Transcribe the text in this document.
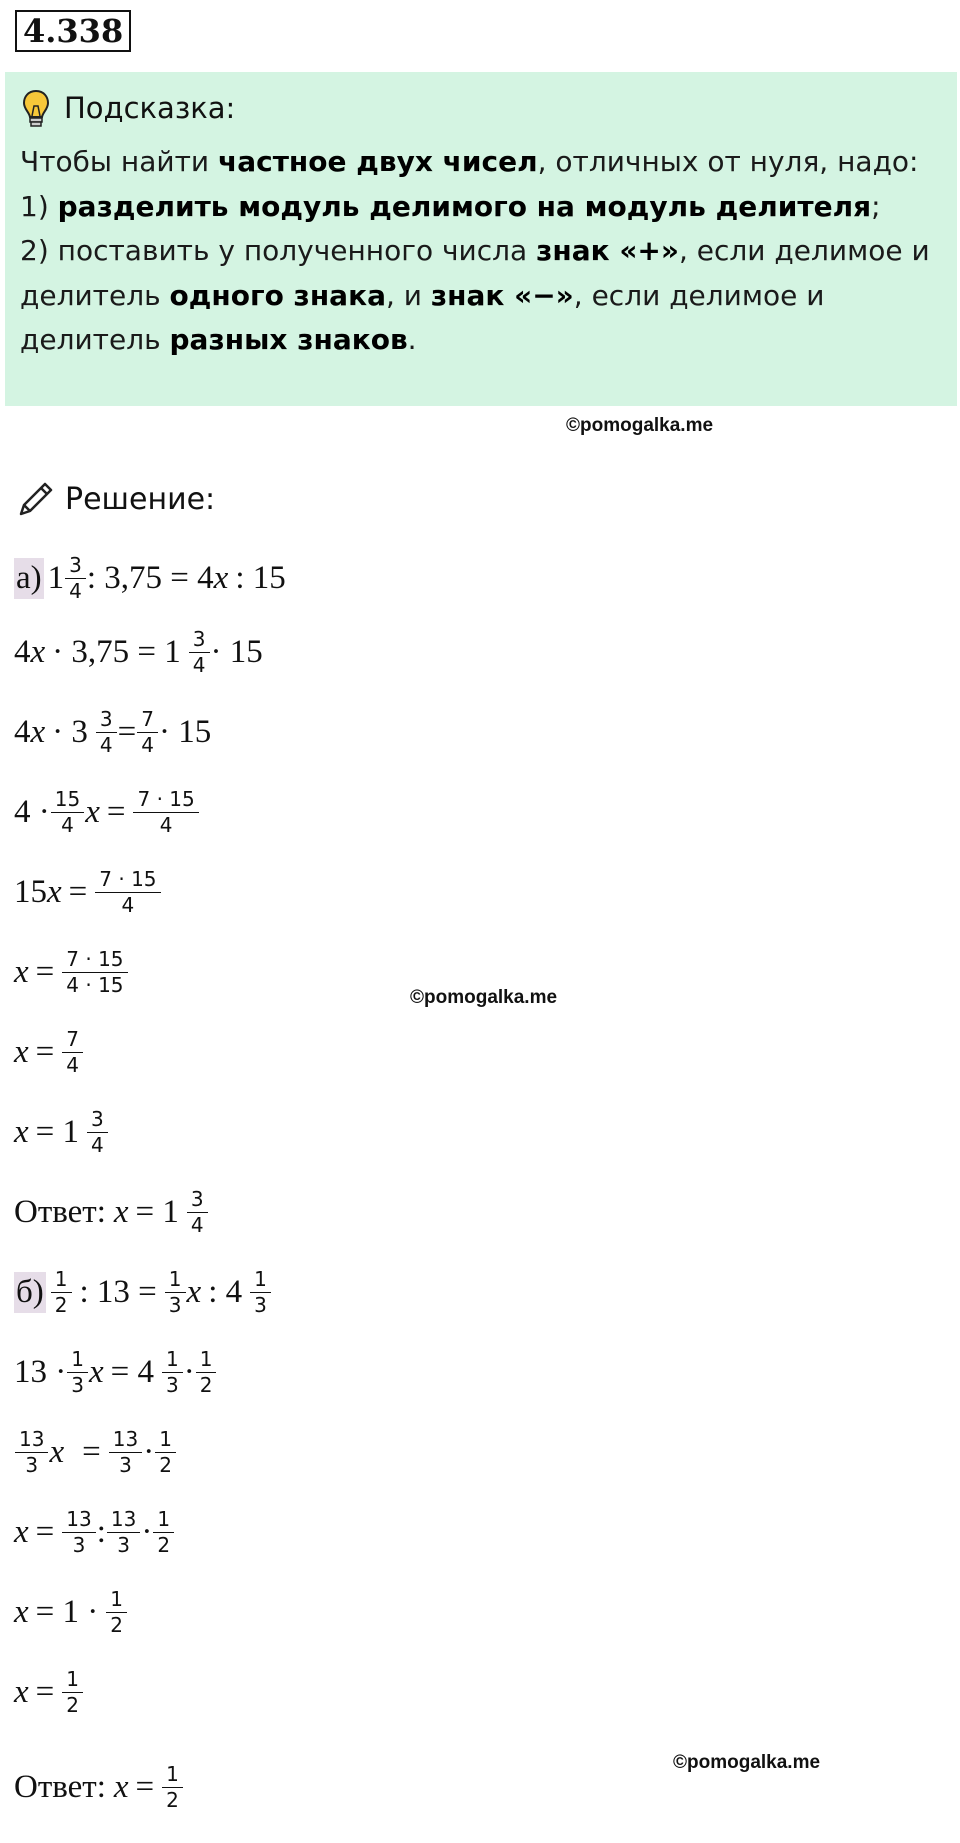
4.338
Подсказка:
Чтобы найти частное двух чисел, отличных от нуля, надо:
1) разделить модуль делимого на модуль делителя;
2) поставить у полученного числа знак «+», если делимое и делитель одного знака, и знак «−», если делимое и делитель разных знаков.
©pomogalka.me
©pomogalka.me
©pomogalka.me
Решение:
а) $1 \frac{3}{4}$ : 3,75 = 4 x : 15
4 $x \cdot 3,75 = 1 \frac{3}{4} \cdot 15$
4 $x \cdot 3 \frac{3}{4} = \frac{7}{4} \cdot 15$
$4 \cdot \frac{15}{4}$ $x = \frac{7 \cdot 15}{4}$
15 $x = \frac{7 \cdot 15}{4}$
$x = \frac{7 \cdot 15}{4 \cdot 15}$
$x = \frac{7}{4}$
$x = 1 \frac{3}{4}$
Ответ: $x = 1 \frac{3}{4}$
$б) \frac{1}{2}$ : $13 = \frac{1}{3}$ x : $4 \frac{1}{3}$
$13 \cdot \frac{1}{3}$ $x = 4 \frac{1}{3} \cdot \frac{1}{2}$
$\frac{13}{3}$ $x = \frac{13}{3} \cdot \frac{1}{2}$
$x = \frac{13}{3}$ : $\frac{13}{3} \cdot \frac{1}{2}$
$x = 1 \cdot \frac{1}{2}$
$x = \frac{1}{2}$
Ответ: $x = \frac{1}{2}$
